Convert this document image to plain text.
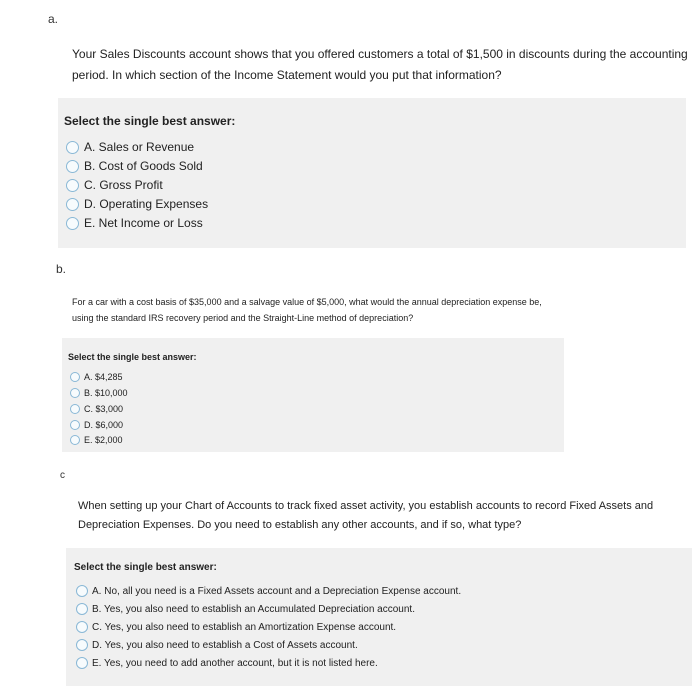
a.
Your Sales Discounts account shows that you offered customers a total of $1,500 in discounts during the accounting
period. In which section of the Income Statement would you put that information?
Select the single best answer:
A. Sales or Revenue
B. Cost of Goods Sold
C. Gross Profit
D. Operating Expenses
E. Net Income or Loss
b.
For a car with a cost basis of $35,000 and a salvage value of $5,000, what would the annual depreciation expense be,
using the standard IRS recovery period and the Straight-Line method of depreciation?
Select the single best answer:
A. $4,285
B. $10,000
C. $3,000
D. $6,000
E. $2,000
c
When setting up your Chart of Accounts to track fixed asset activity, you establish accounts to record Fixed Assets and
Depreciation Expenses. Do you need to establish any other accounts, and if so, what type?
Select the single best answer:
A. No, all you need is a Fixed Assets account and a Depreciation Expense account.
B. Yes, you also need to establish an Accumulated Depreciation account.
C. Yes, you also need to establish an Amortization Expense account.
D. Yes, you also need to establish a Cost of Assets account.
E. Yes, you need to add another account, but it is not listed here.
